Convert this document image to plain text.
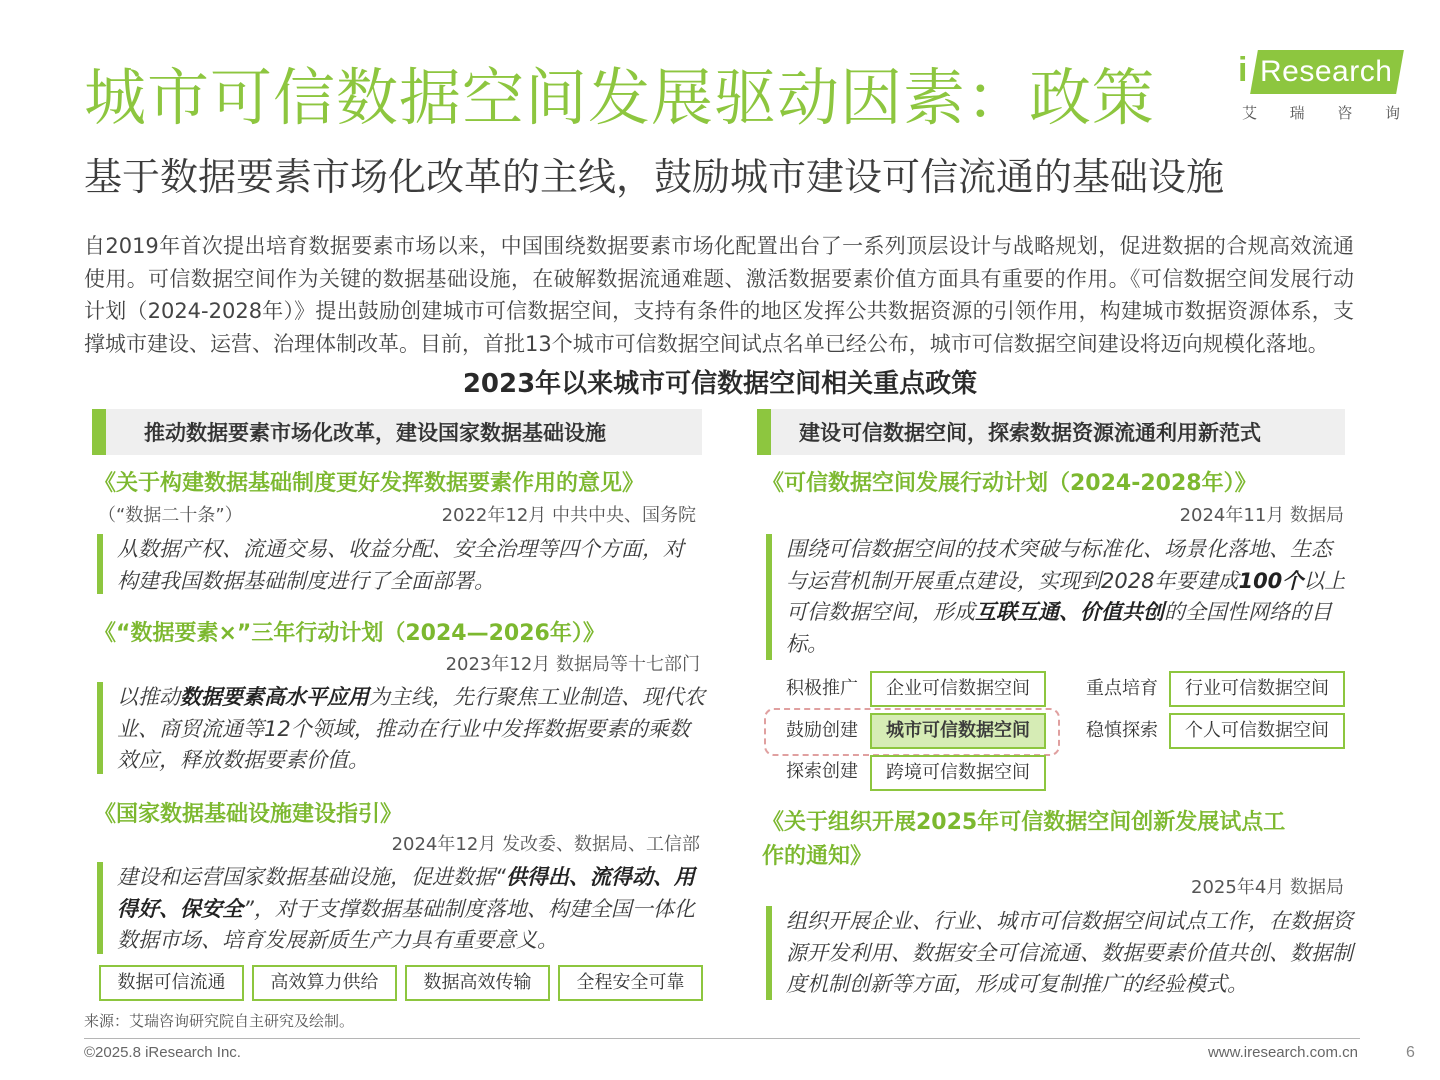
城市可信数据空间发展驱动因素：政策
基于数据要素市场化改革的主线，鼓励城市建设可信流通的基础设施
i Research
艾 瑞 咨 询

自2019年首次提出培育数据要素市场以来，中国围绕数据要素市场化配置出台了一系列顶层设计与战略规划，促进数据的合规高效流通使用。可信数据空间作为关键的数据基础设施，在破解数据流通难题、激活数据要素价值方面具有重要的作用。《可信数据空间发展行动计划（2024-2028年）》提出鼓励创建城市可信数据空间，支持有条件的地区发挥公共数据资源的引领作用，构建城市数据资源体系，支撑城市建设、运营、治理体制改革。目前，首批13个城市可信数据空间试点名单已经公布，城市可信数据空间建设将迈向规模化落地。

2023年以来城市可信数据空间相关重点政策
推动数据要素市场化改革，建设国家数据基础设施
《关于构建数据基础制度更好发挥数据要素作用的意见》
（“数据二十条”）	2022年12月 中共中央、国务院
从数据产权、流通交易、收益分配、安全治理等四个方面，对构建我国数据基础制度进行了全面部署。
《“数据要素×”三年行动计划（2024—2026年）》
2023年12月 数据局等十七部门
以推动数据要素高水平应用为主线，先行聚焦工业制造、现代农业、商贸流通等12个领域，推动在行业中发挥数据要素的乘数效应，释放数据要素价值。
《国家数据基础设施建设指引》
2024年12月 发改委、数据局、工信部
建设和运营国家数据基础设施，促进数据“供得出、流得动、用得好、保安全”，对于支撑数据基础制度落地、构建全国一体化数据市场、培育发展新质生产力具有重要意义。
数据可信流通	高效算力供给	数据高效传输	全程安全可靠
建设可信数据空间，探索数据资源流通利用新范式
《可信数据空间发展行动计划（2024-2028年）》
2024年11月 数据局
围绕可信数据空间的技术突破与标准化、场景化落地、生态与运营机制开展重点建设，实现到2028年要建成100个以上可信数据空间，形成互联互通、价值共创的全国性网络的目标。
积极推广	企业可信数据空间
鼓励创建	城市可信数据空间
探索创建	跨境可信数据空间
重点培育	行业可信数据空间
稳慎探索	个人可信数据空间
《关于组织开展2025年可信数据空间创新发展试点工
作的通知》
2025年4月 数据局
组织开展企业、行业、城市可信数据空间试点工作，在数据资源开发利用、数据安全可信流通、数据要素价值共创、数据制度机制创新等方面，形成可复制推广的经验模式。
来源：艾瑞咨询研究院自主研究及绘制。
©2025.8 iResearch Inc.	www.iresearch.com.cn	6
